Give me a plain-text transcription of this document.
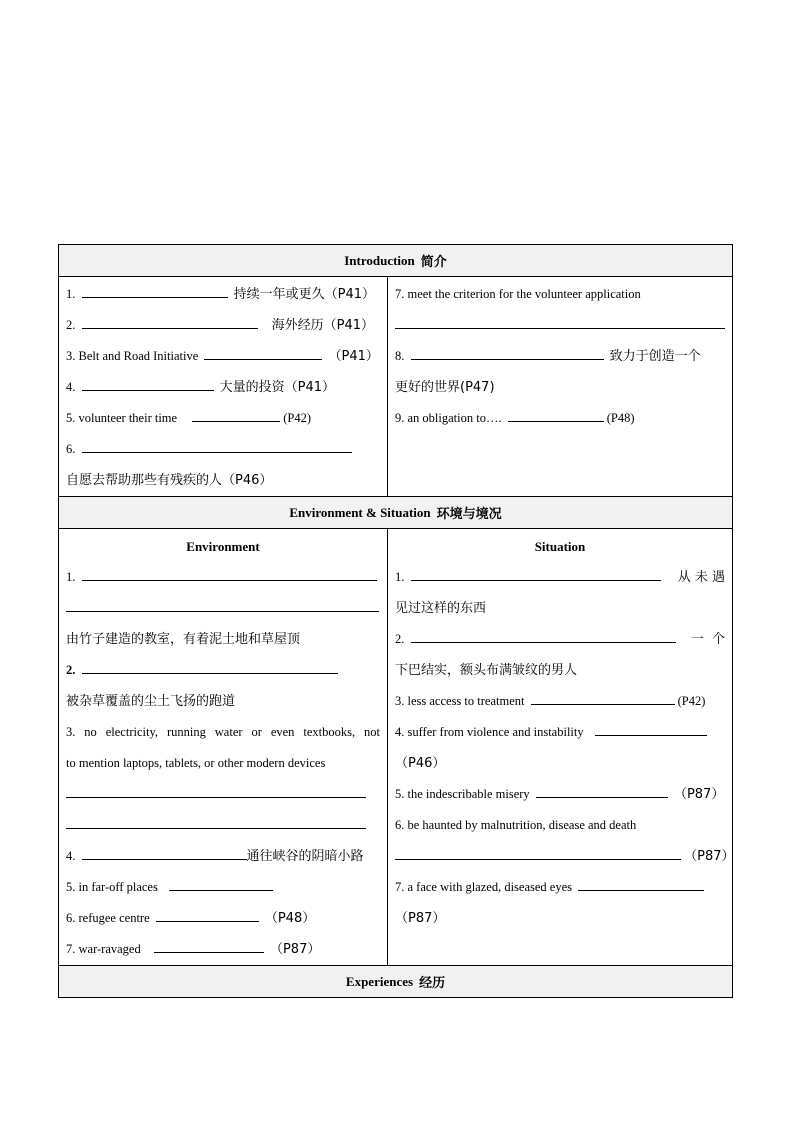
Introduction 简介
1.	持续一年或更久（P41）
2.	海外经历（P41）
3. Belt and Road Initiative	（P41）
4.	大量的投资（P41）
5. volunteer their time	(P42)
6.
自愿去帮助那些有残疾的人（P46）
7. meet the criterion for the volunteer application
8.	致力于创造一个
更好的世界(P47)
9. an obligation to….	(P48)
Environment & Situation 环境与境况
Environment
1.
由竹子建造的教室，有着泥土地和草屋顶
2.
被杂草覆盖的尘土飞扬的跑道
3. no electricity, running water or even textbooks, not
to mention laptops, tablets, or other modern devices
4.	通往峡谷的阴暗小路
5. in far-off places
6. refugee centre	（P48）
7. war-ravaged	（P87）
Situation
1.	从 未 遇
见过这样的东西
2.	一  个
下巴结实，额头布满皱纹的男人
3. less access to treatment	(P42)
4. suffer from violence and instability
（P46）
5. the indescribable misery	（P87）
6. be haunted by malnutrition, disease and death
（P87）
7. a face with glazed, diseased eyes
（P87）
Experiences 经历
